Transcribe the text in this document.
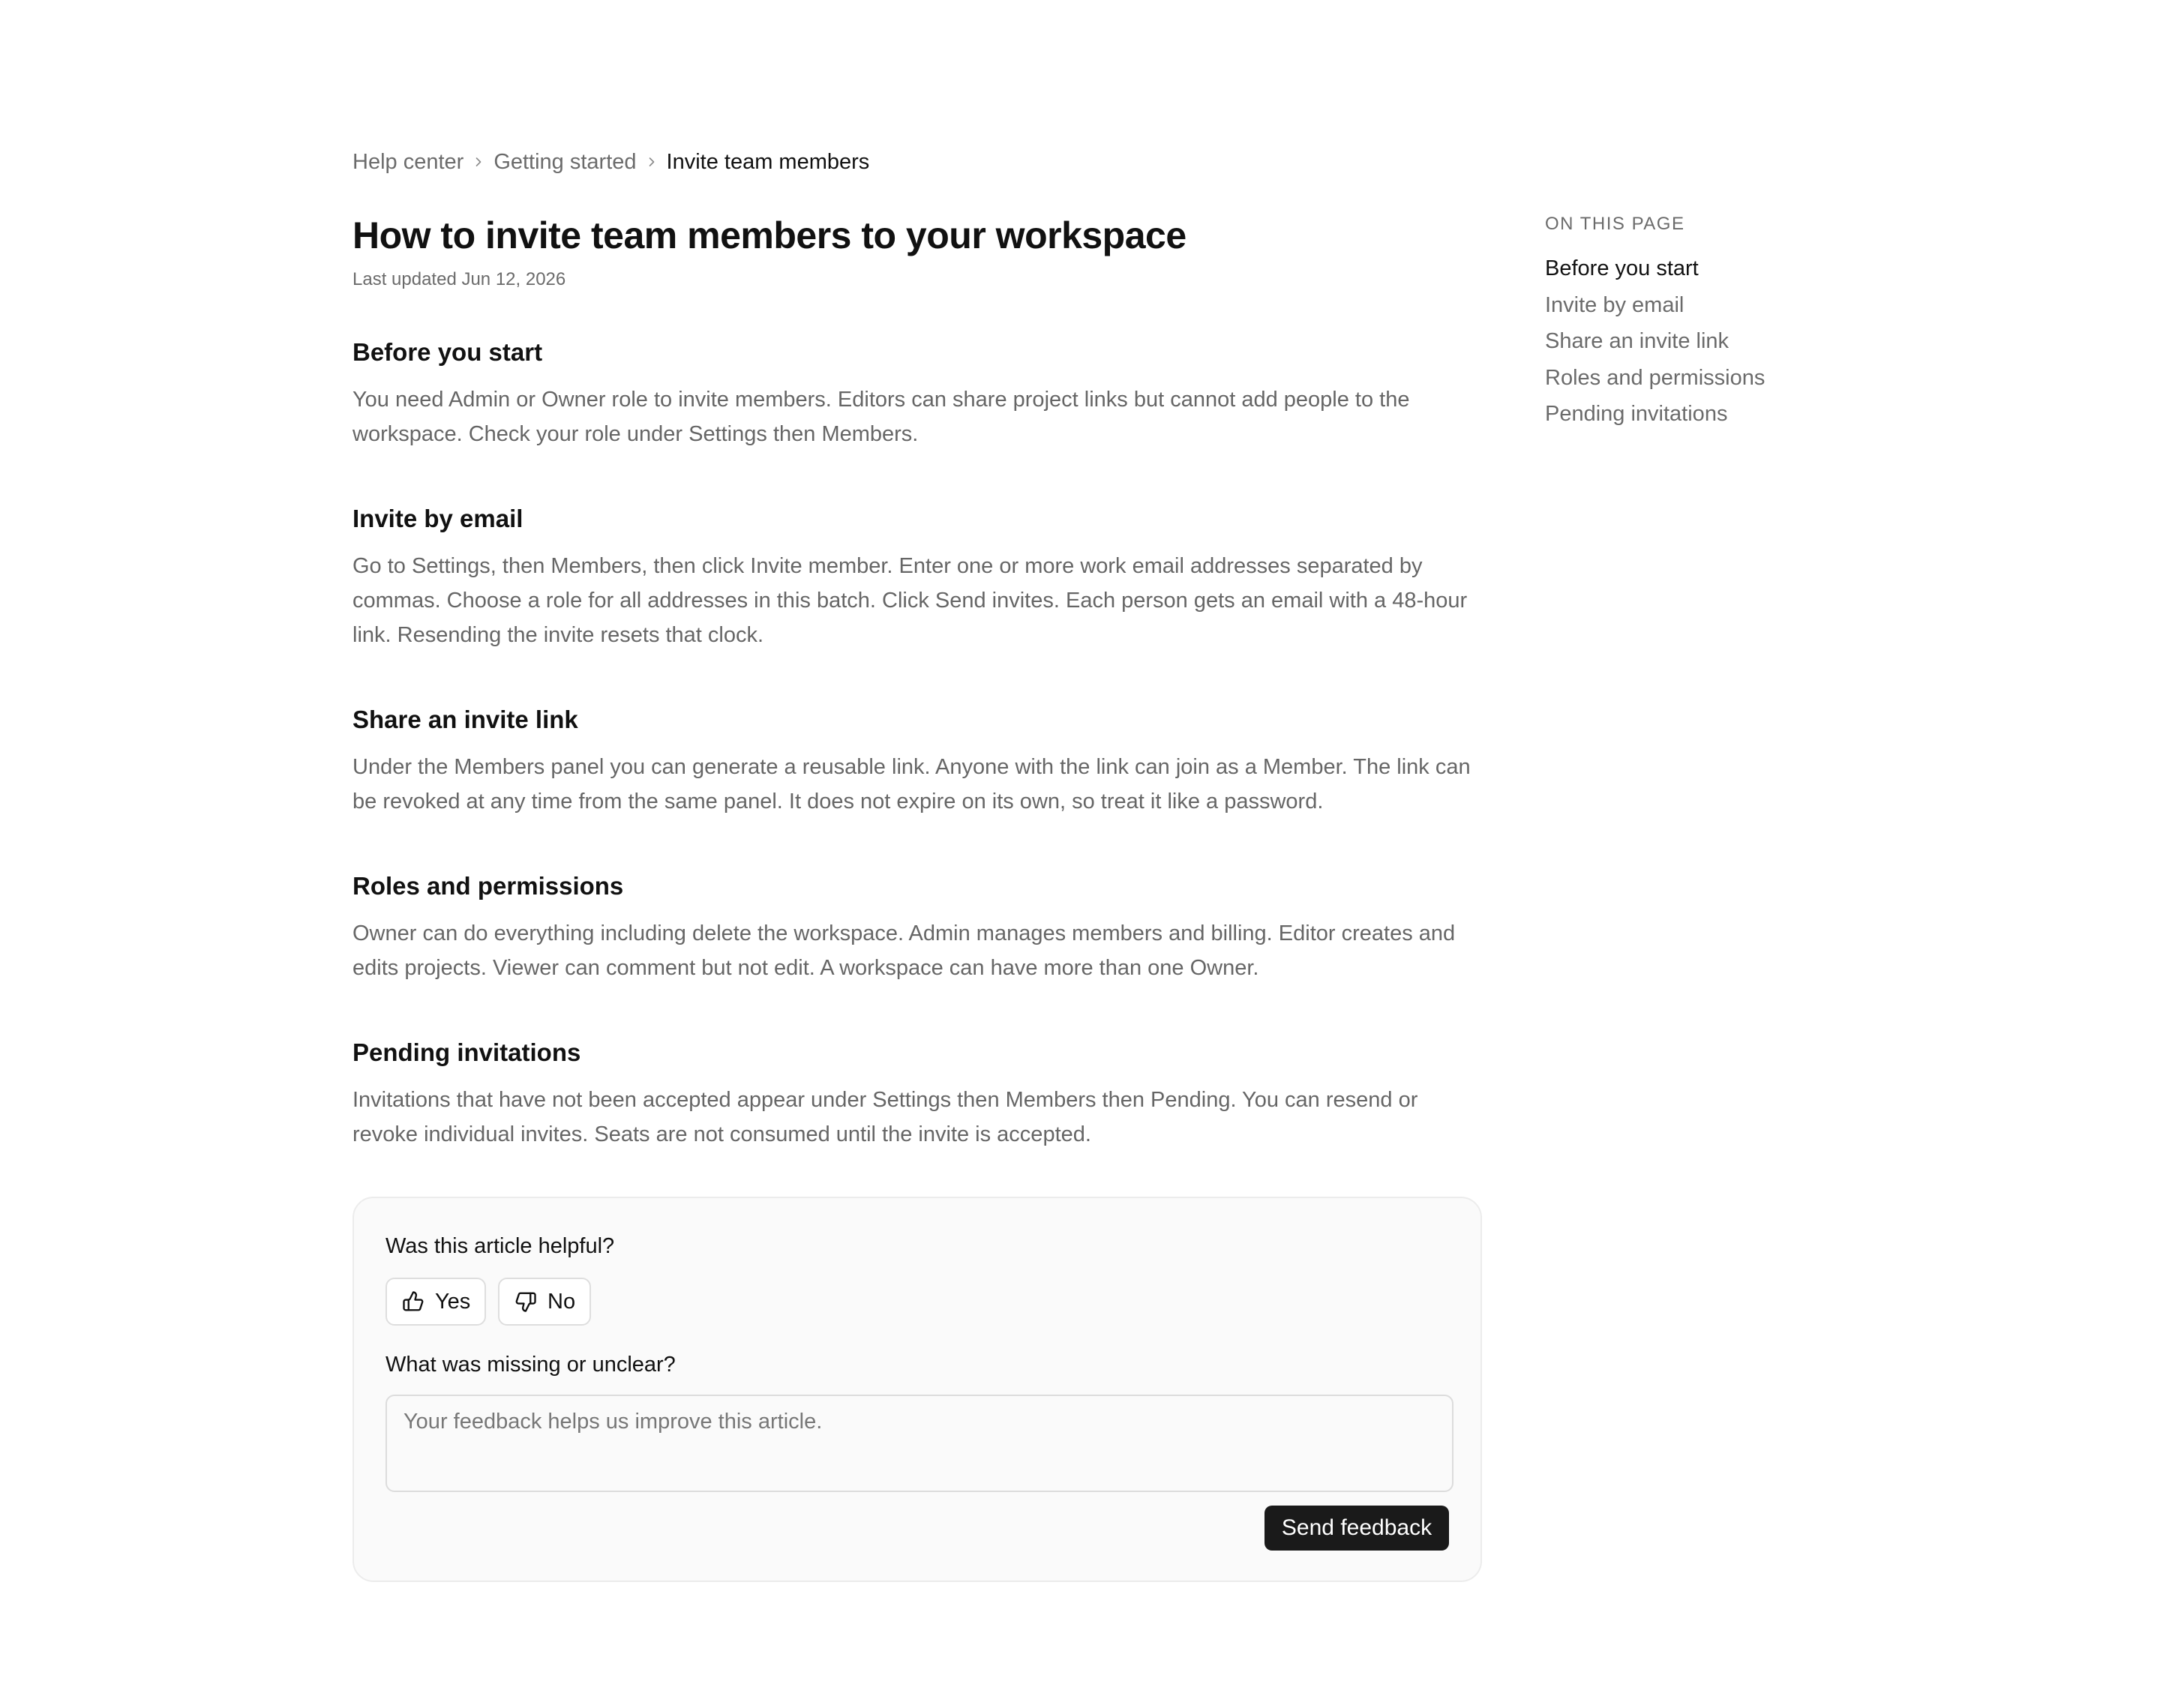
Help center Getting started Invite team members
How to invite team members to your workspace
Last updated Jun 12, 2026
Before you start

You need Admin or Owner role to invite members. Editors can share project links but cannot add people to the workspace. Check your role under Settings then Members.

Invite by email

Go to Settings, then Members, then click Invite member. Enter one or more work email addresses separated by commas. Choose a role for all addresses in this batch. Click Send invites. Each person gets an email with a 48-hour link. Resending the invite resets that clock.

Share an invite link

Under the Members panel you can generate a reusable link. Anyone with the link can join as a Member. The link can be revoked at any time from the same panel. It does not expire on its own, so treat it like a password.

Roles and permissions

Owner can do everything including delete the workspace. Admin manages members and billing. Editor creates and edits projects. Viewer can comment but not edit. A workspace can have more than one Owner.

Pending invitations

Invitations that have not been accepted appear under Settings then Members then Pending. You can resend or revoke individual invites. Seats are not consumed until the invite is accepted.

Was this article helpful?
Yes	No
What was missing or unclear?
Your feedback helps us improve this article.
Send feedback
ON THIS PAGE
Before you start
Invite by email
Share an invite link
Roles and permissions
Pending invitations
